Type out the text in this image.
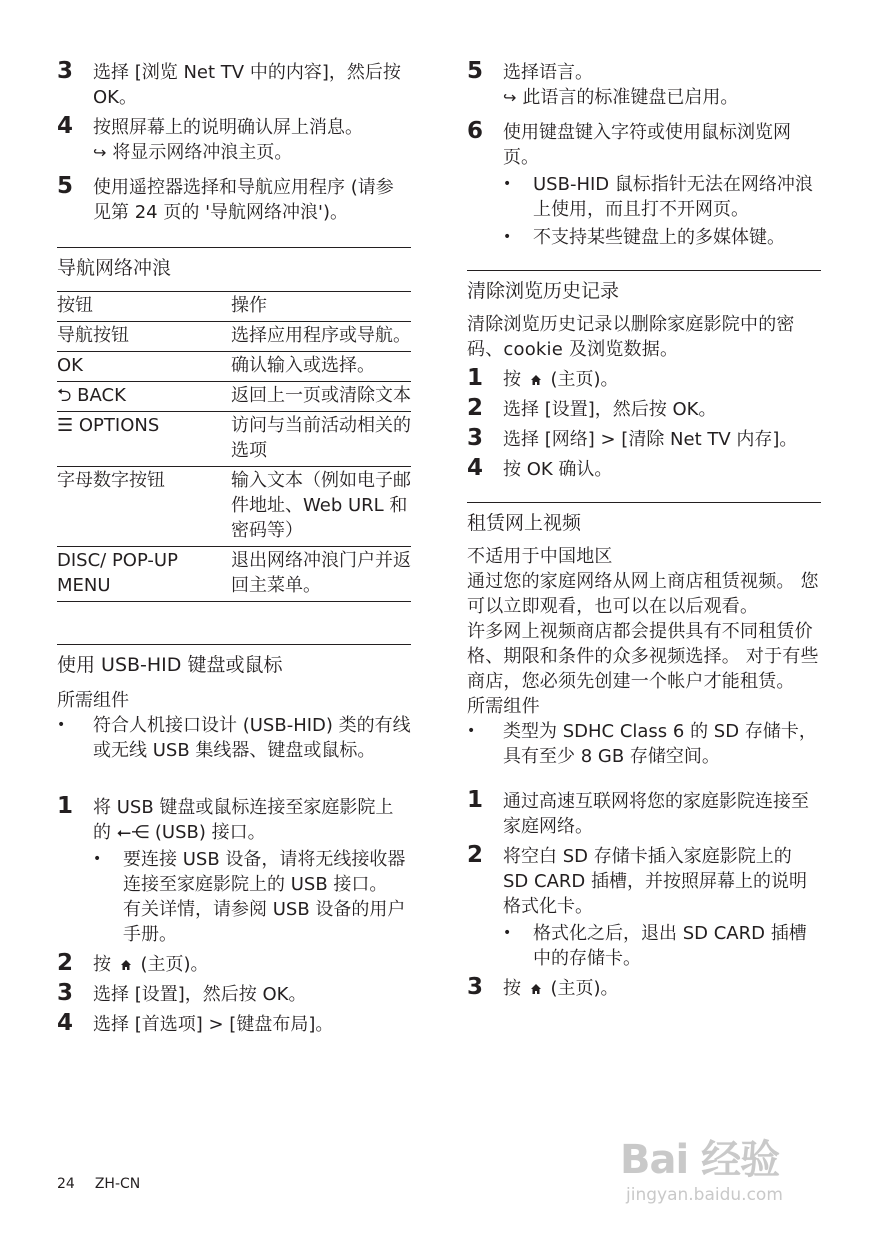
3 选择 [浏览 Net TV 中的内容]，然后按 OK。
4 按照屏幕上的说明确认屏上消息。
↪ 将显示网络冲浪主页。
5 使用遥控器选择和导航应用程序 (请参见第 24 页的 '导航网络冲浪')。
导航网络冲浪
按钮	操作
导航按钮	选择应用程序或导航。
OK	确认输入或选择。
⮌ BACK	返回上一页或清除文本
☰ OPTIONS	访问与当前活动相关的选项
字母数字按钮	输入文本（例如电子邮件地址、Web URL 和密码等）
DISC/ POP-UP MENU	退出网络冲浪门户并返回主菜单。
使用 USB-HID 键盘或鼠标
所需组件
• 符合人机接口设计 (USB-HID) 类的有线或无线 USB 集线器、键盘或鼠标。
1 将 USB 键盘或鼠标连接至家庭影院上的 ⭠⋲ (USB) 接口。
• 要连接 USB 设备，请将无线接收器连接至家庭影院上的 USB 接口。 有关详情，请参阅 USB 设备的用户手册。
2 按 (主页)。
3 选择 [设置]，然后按 OK。
4 选择 [首选项] > [键盘布局]。
5 选择语言。
↪ 此语言的标准键盘已启用。
6 使用键盘键入字符或使用鼠标浏览网页。
• USB-HID 鼠标指针无法在网络冲浪上使用，而且打不开网页。
• 不支持某些键盘上的多媒体键。
清除浏览历史记录
清除浏览历史记录以删除家庭影院中的密码、cookie 及浏览数据。
1 按 (主页)。
2 选择 [设置]，然后按 OK。
3 选择 [网络] > [清除 Net TV 内存]。
4 按 OK 确认。
租赁网上视频
不适用于中国地区
通过您的家庭网络从网上商店租赁视频。 您可以立即观看，也可以在以后观看。
许多网上视频商店都会提供具有不同租赁价格、期限和条件的众多视频选择。 对于有些商店，您必须先创建一个帐户才能租赁。
所需组件
• 类型为 SDHC Class 6 的 SD 存储卡，具有至少 8 GB 存储空间。
1 通过高速互联网将您的家庭影院连接至家庭网络。
2 将空白 SD 存储卡插入家庭影院上的 SD CARD 插槽，并按照屏幕上的说明格式化卡。
• 格式化之后，退出 SD CARD 插槽中的存储卡。
3 按 (主页)。
24 ZH-CN
Bai 经验
jingyan.baidu.com
